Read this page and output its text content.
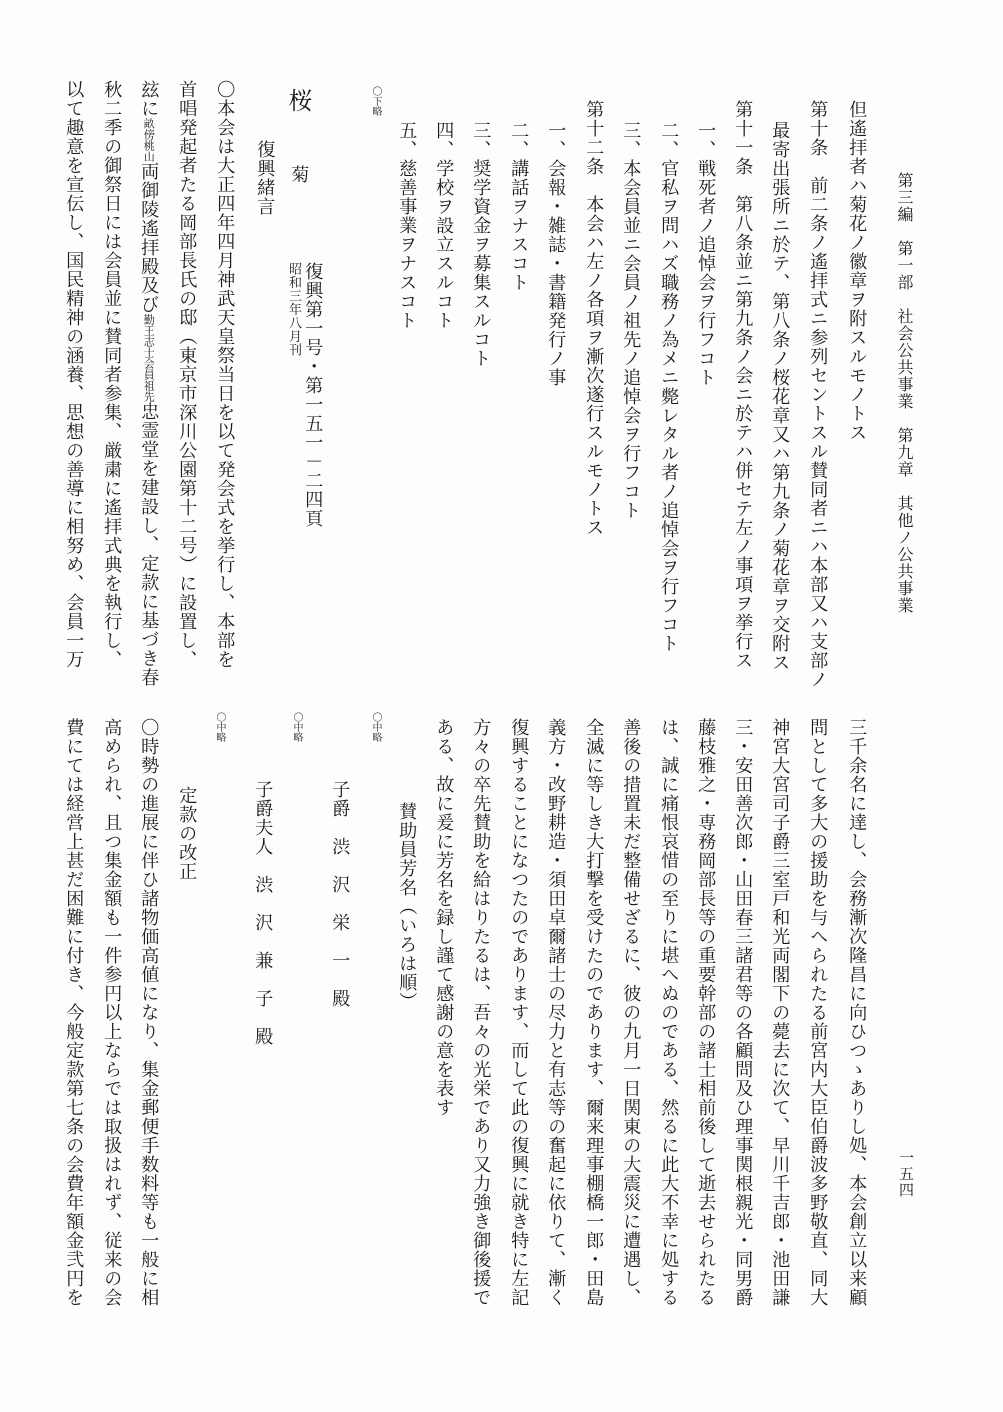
第三編　第一部　社会公共事業　第九章　其他ノ公共事業

一五四

但遙拝者ハ菊花ノ徽章ヲ附スルモノトス

第十条　前二条ノ遙拝式ニ参列セントスル賛同者ニハ本部又ハ支部ノ

最寄出張所ニ於テ、第八条ノ桜花章又ハ第九条ノ菊花章ヲ交附ス

第十一条　第八条並ニ第九条ノ会ニ於テハ併セテ左ノ事項ヲ挙行ス

一、戦死者ノ追悼会ヲ行フコト

二、官私ヲ問ハズ職務ノ為メニ斃レタル者ノ追悼会ヲ行フコト

三、本会員並ニ会員ノ祖先ノ追悼会ヲ行フコト

第十二条　本会ハ左ノ各項ヲ漸次遂行スルモノトス

一、会報・雑誌・書籍発行ノ事

二、講話ヲナスコト

三、奨学資金ヲ募集スルコト

四、学校ヲ設立スルコト

五、慈善事業ヲナスコト

〇下略

桜

菊

復興第一号・第一五一－二四頁

昭和三年八月刊

復興緒言

〇本会は大正四年四月神武天皇祭当日を以て発会式を挙行し、本部を

首唱発起者たる岡部長氏の邸（東京市深川公園第十二号）に設置し、

玆に畝傍桃山両御陵遙拝殿及び勤王志士会員祖先忠霊堂を建設し、定款に基づき春

秋二季の御祭日には会員並に賛同者参集、厳粛に遙拝式典を執行し、

以て趣意を宣伝し、国民精神の涵養、思想の善導に相努め、会員一万

三千余名に達し、会務漸次隆昌に向ひつゝありし処、本会創立以来顧

問として多大の援助を与へられたる前宮内大臣伯爵波多野敬直、同大

神宮大宮司子爵三室戸和光両閣下の薨去に次て、早川千吉郎・池田謙

三・安田善次郎・山田春三諸君等の各顧問及ひ理事関根親光・同男爵

藤枝雅之・専務岡部長等の重要幹部の諸士相前後して逝去せられたる

は、誠に痛恨哀惜の至りに堪へぬのである、然るに此大不幸に処する

善後の措置未だ整備せざるに、彼の九月一日関東の大震災に遭遇し、

全滅に等しき大打撃を受けたのであります、爾来理事棚橋一郎・田島

義方・改野耕造・須田卓爾諸士の尽力と有志等の奮起に依りて、漸く

復興することになつたのであります、而して此の復興に就き特に左記

方々の卒先賛助を給はりたるは、吾々の光栄であり又力強き御後援で

ある、故に爰に芳名を録し謹て感謝の意を表す

賛助員芳名（いろは順）

〇中略

子爵　渋　沢　栄　一　殿

〇中略

子爵夫人　渋　沢　兼　子　殿

〇中略

定款の改正

〇時勢の進展に伴ひ諸物価高値になり、集金郵便手数料等も一般に相

高められ、且つ集金額も一件参円以上ならでは取扱はれず、従来の会

費にては経営上甚だ困難に付き、今般定款第七条の会費年額金弐円を
